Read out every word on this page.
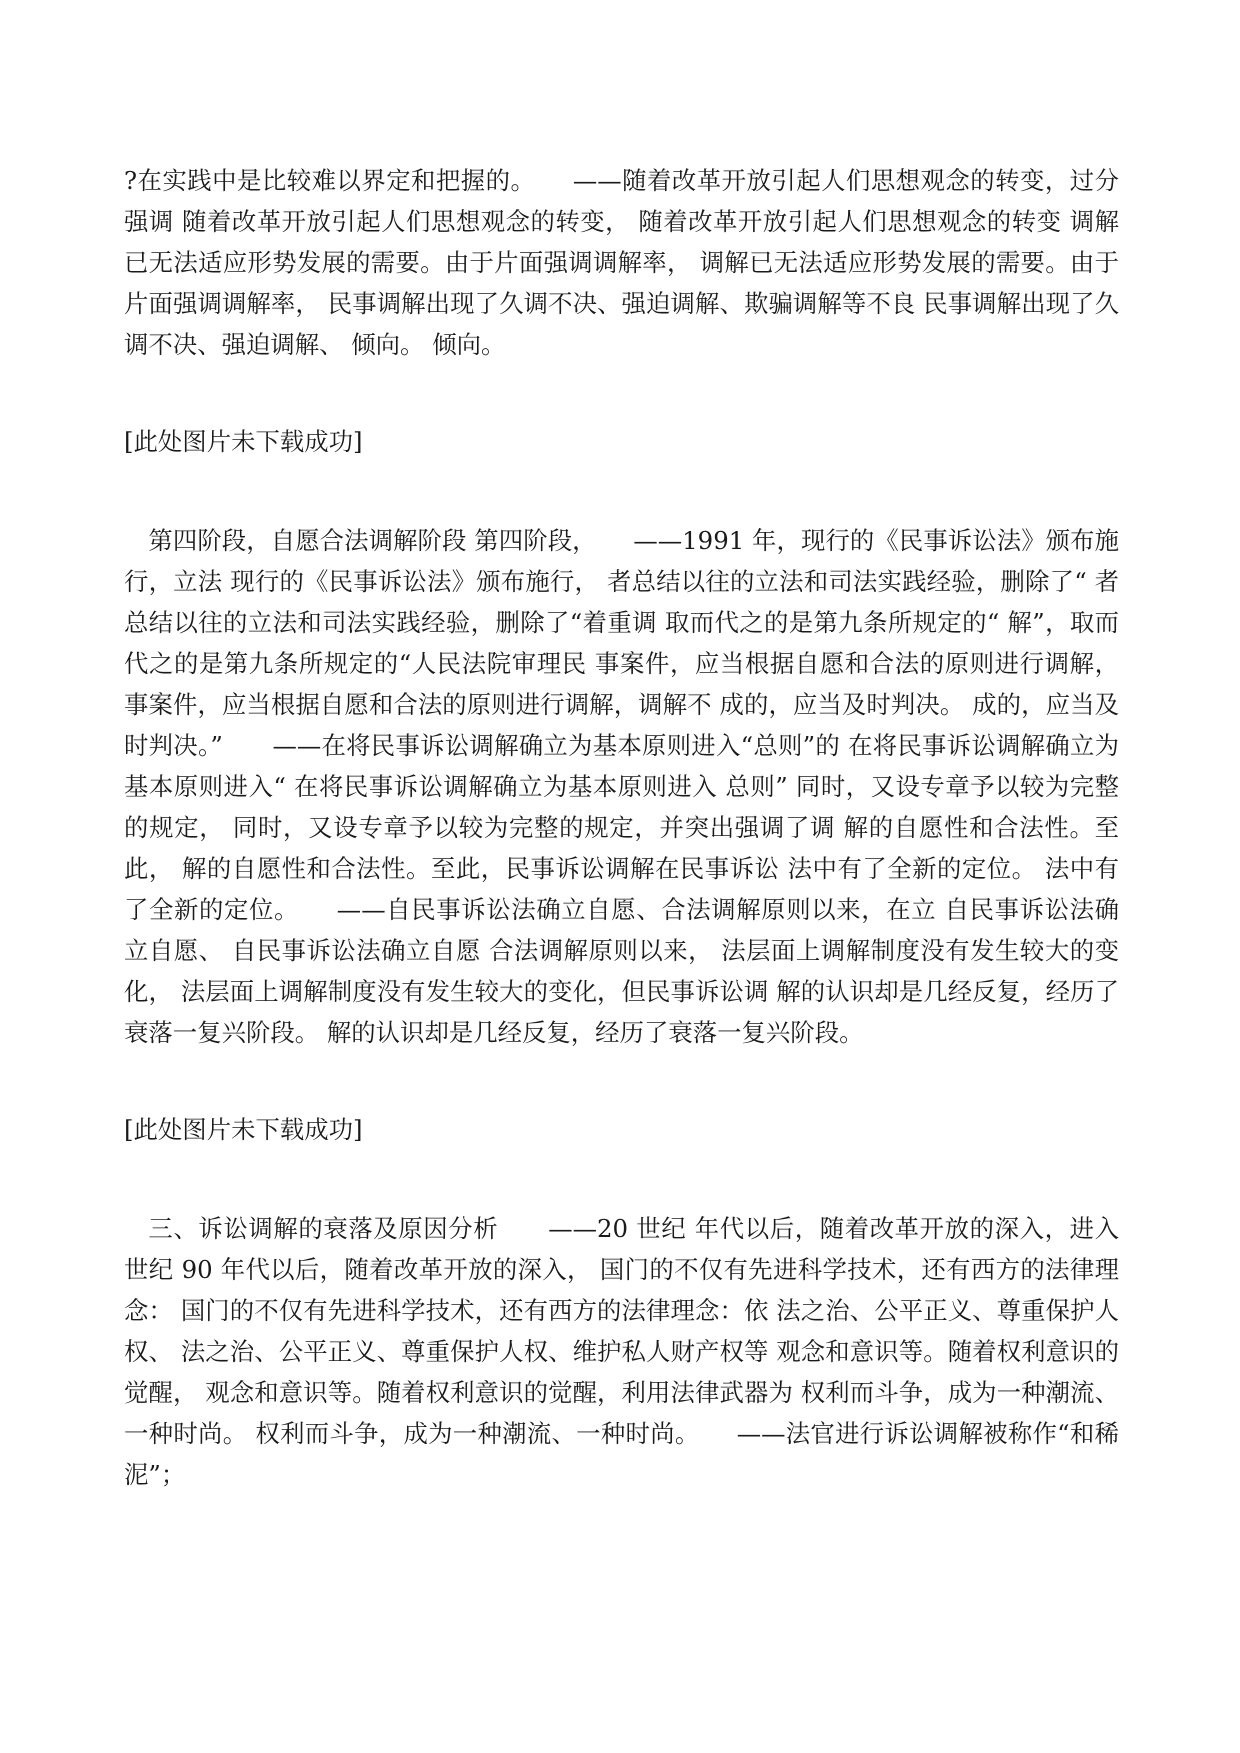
?在实践中是比较难以界定和把握的。　　——随着改革开放引起人们思想观念的转变，过分强调 随着改革开放引起人们思想观念的转变， 随着改革开放引起人们思想观念的转变 调解已无法适应形势发展的需要。由于片面强调调解率， 调解已无法适应形势发展的需要。由于片面强调调解率， 民事调解出现了久调不决、强迫调解、欺骗调解等不良 民事调解出现了久调不决、强迫调解、 倾向。 倾向。

[此处图片未下载成功]

第四阶段，自愿合法调解阶段 第四阶段，　　——1991 年，现行的《民事诉讼法》颁布施行，立法 现行的《民事诉讼法》颁布施行， 者总结以往的立法和司法实践经验，删除了“ 者总结以往的立法和司法实践经验，删除了“着重调 取而代之的是第九条所规定的“ 解”，取而代之的是第九条所规定的“人民法院审理民 事案件，应当根据自愿和合法的原则进行调解， 事案件，应当根据自愿和合法的原则进行调解，调解不 成的，应当及时判决。 成的，应当及时判决。”　　——在将民事诉讼调解确立为基本原则进入“总则”的 在将民事诉讼调解确立为基本原则进入“ 在将民事诉讼调解确立为基本原则进入 总则” 同时，又设专章予以较为完整的规定， 同时，又设专章予以较为完整的规定，并突出强调了调 解的自愿性和合法性。至此， 解的自愿性和合法性。至此，民事诉讼调解在民事诉讼 法中有了全新的定位。 法中有了全新的定位。　　——自民事诉讼法确立自愿、合法调解原则以来，在立 自民事诉讼法确立自愿、 自民事诉讼法确立自愿 合法调解原则以来， 法层面上调解制度没有发生较大的变化， 法层面上调解制度没有发生较大的变化，但民事诉讼调 解的认识却是几经反复，经历了衰落一复兴阶段。 解的认识却是几经反复，经历了衰落一复兴阶段。

[此处图片未下载成功]

三、诉讼调解的衰落及原因分析　　——20 世纪 年代以后，随着改革开放的深入，进入 世纪 90 年代以后，随着改革开放的深入， 国门的不仅有先进科学技术，还有西方的法律理念： 国门的不仅有先进科学技术，还有西方的法律理念：依 法之治、公平正义、尊重保护人权、 法之治、公平正义、尊重保护人权、维护私人财产权等 观念和意识等。随着权利意识的觉醒， 观念和意识等。随着权利意识的觉醒，利用法律武器为 权利而斗争，成为一种潮流、一种时尚。 权利而斗争，成为一种潮流、一种时尚。　　——法官进行诉讼调解被称作“和稀泥”；
